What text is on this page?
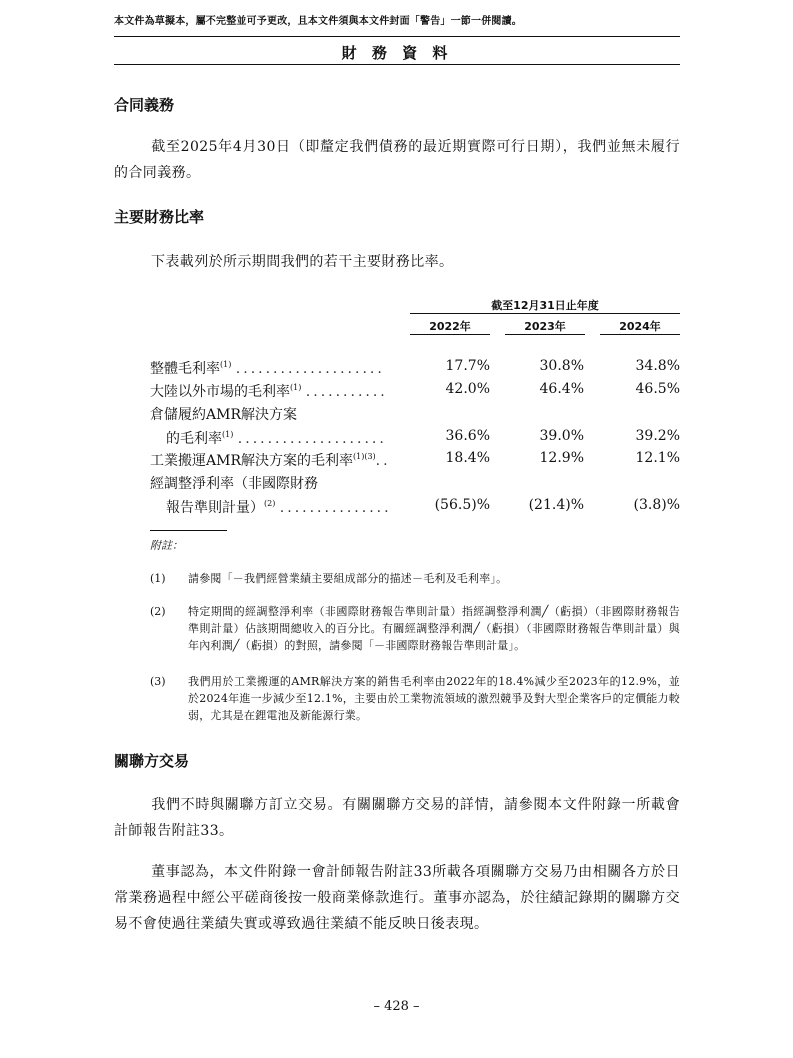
本文件為草擬本，屬不完整並可予更改，且本文件須與本文件封面「警告」一節一併閱讀。
財 務 資 料
合同義務
截至2025年4月30日（即釐定我們債務的最近期實際可行日期），我們並無未履行的合同義務。
主要財務比率
下表載列於所示期間我們的若干主要財務比率。
截至12月31日止年度
2022年	2023年	2024年
整體毛利率$^{(1)}$ ....................	17.7%	30.8%	34.8%
大陸以外市場的毛利率$^{(1)}$ ...........	42.0%	46.4%	46.5%
倉儲履約AMR解決方案
的毛利率$^{(1)}$ ....................	36.6%	39.0%	39.2%
工業搬運AMR解決方案的毛利率$^{(1)(3)}$..	18.4%	12.9%	12.1%
經調整淨利率（非國際財務
報告準則計量）$^{(2)}$ ...............	(56.5)%	(21.4)%	(3.8)%
附註：
(1)	請參閱「－我們經營業績主要組成部分的描述－毛利及毛利率」。
(2)	特定期間的經調整淨利率（非國際財務報告準則計量）指經調整淨利潤╱（虧損）（非國際財務報告準則計量）佔該期間總收入的百分比。有關經調整淨利潤╱（虧損）（非國際財務報告準則計量）與年內利潤╱（虧損）的對照，請參閱「－非國際財務報告準則計量」。
(3)	我們用於工業搬運的AMR解決方案的銷售毛利率由2022年的18.4%減少至2023年的12.9%，並於2024年進一步減少至12.1%，主要由於工業物流領域的激烈競爭及對大型企業客戶的定價能力較弱，尤其是在鋰電池及新能源行業。
關聯方交易
我們不時與關聯方訂立交易。有關關聯方交易的詳情，請參閱本文件附錄一所載會計師報告附註33。
董事認為，本文件附錄一會計師報告附註33所載各項關聯方交易乃由相關各方於日常業務過程中經公平磋商後按一般商業條款進行。董事亦認為，於往績記錄期的關聯方交易不會使過往業績失實或導致過往業績不能反映日後表現。
– 428 –
